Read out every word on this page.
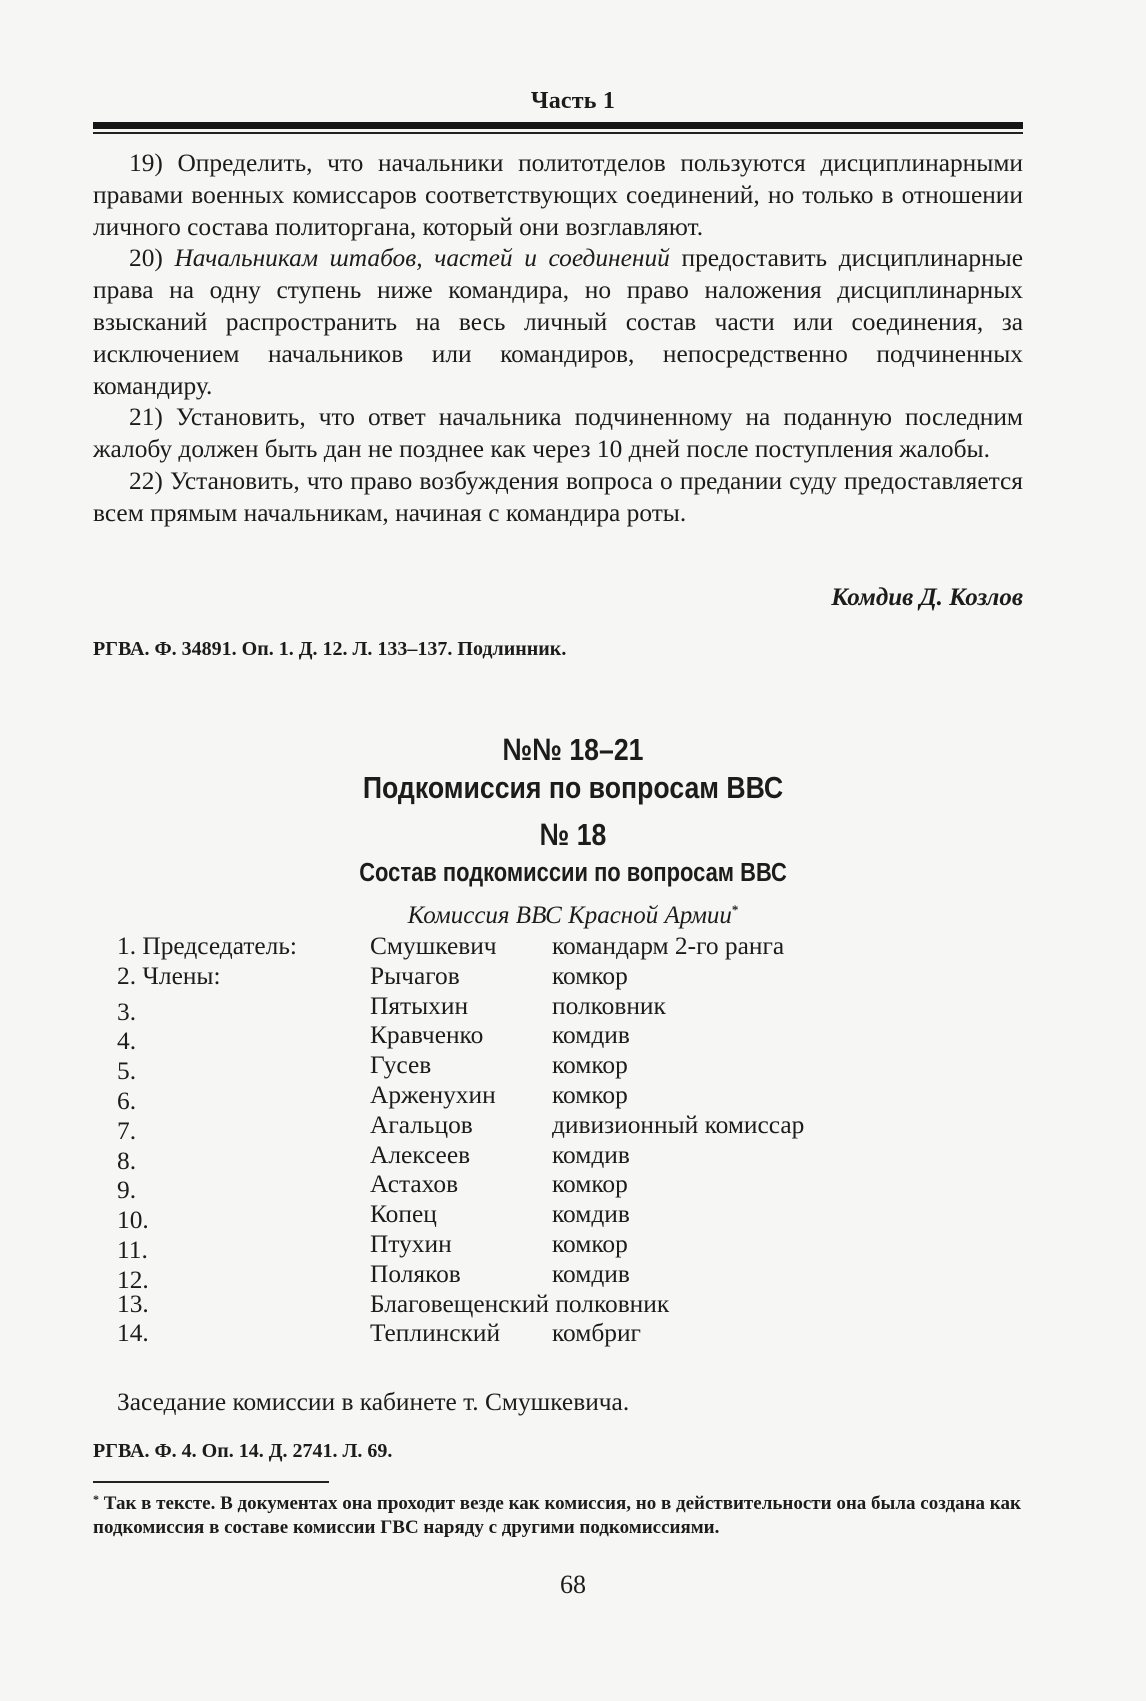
Часть 1

19) Определить, что начальники политотделов пользуются дисциплинарными правами военных комиссаров соответствующих соединений, но только в отношении личного состава политоргана, который они возглавляют.

20) Начальникам штабов, частей и соединений предоставить дисциплинарные права на одну ступень ниже командира, но право наложения дисциплинарных взысканий распространить на весь личный состав части или соединения, за исключением начальников или командиров, непосредственно подчиненных командиру.

21) Установить, что ответ начальника подчиненному на поданную последним жалобу должен быть дан не позднее как через 10 дней после поступления жалобы.

22) Установить, что право возбуждения вопроса о предании суду предоставляется всем прямым начальникам, начиная с командира роты.

Комдив Д. Козлов
РГВА. Ф. 34891. Оп. 1. Д. 12. Л. 133–137. Подлинник.
№№ 18–21
Подкомиссия по вопросам ВВС
№ 18
Состав подкомиссии по вопросам ВВС
Комиссия ВВС Красной Армии*
1. Председатель:	Смушкевич командарм 2-го ранга
2. Члены:	Рычагов	комкор
3.	Пятыхин	полковник
4.	Кравченко	комдив
5.	Гусев	комкор
6.	Арженухин комкор
7.	Агальцов	дивизионный комиссар
8.	Алексеев	комдив
9.	Астахов	комкор
10.	Копец	комдив
11.	Птухин	комкор
12.	Поляков	комдив
13.	Благовещенский полковник
14.	Теплинский комбриг
Заседание комиссии в кабинете т. Смушкевича.
РГВА. Ф. 4. Оп. 14. Д. 2741. Л. 69.
* Так в тексте. В документах она проходит везде как комиссия, но в действительности она была создана как подкомиссия в составе комиссии ГВС наряду с другими подкомиссиями.
68
